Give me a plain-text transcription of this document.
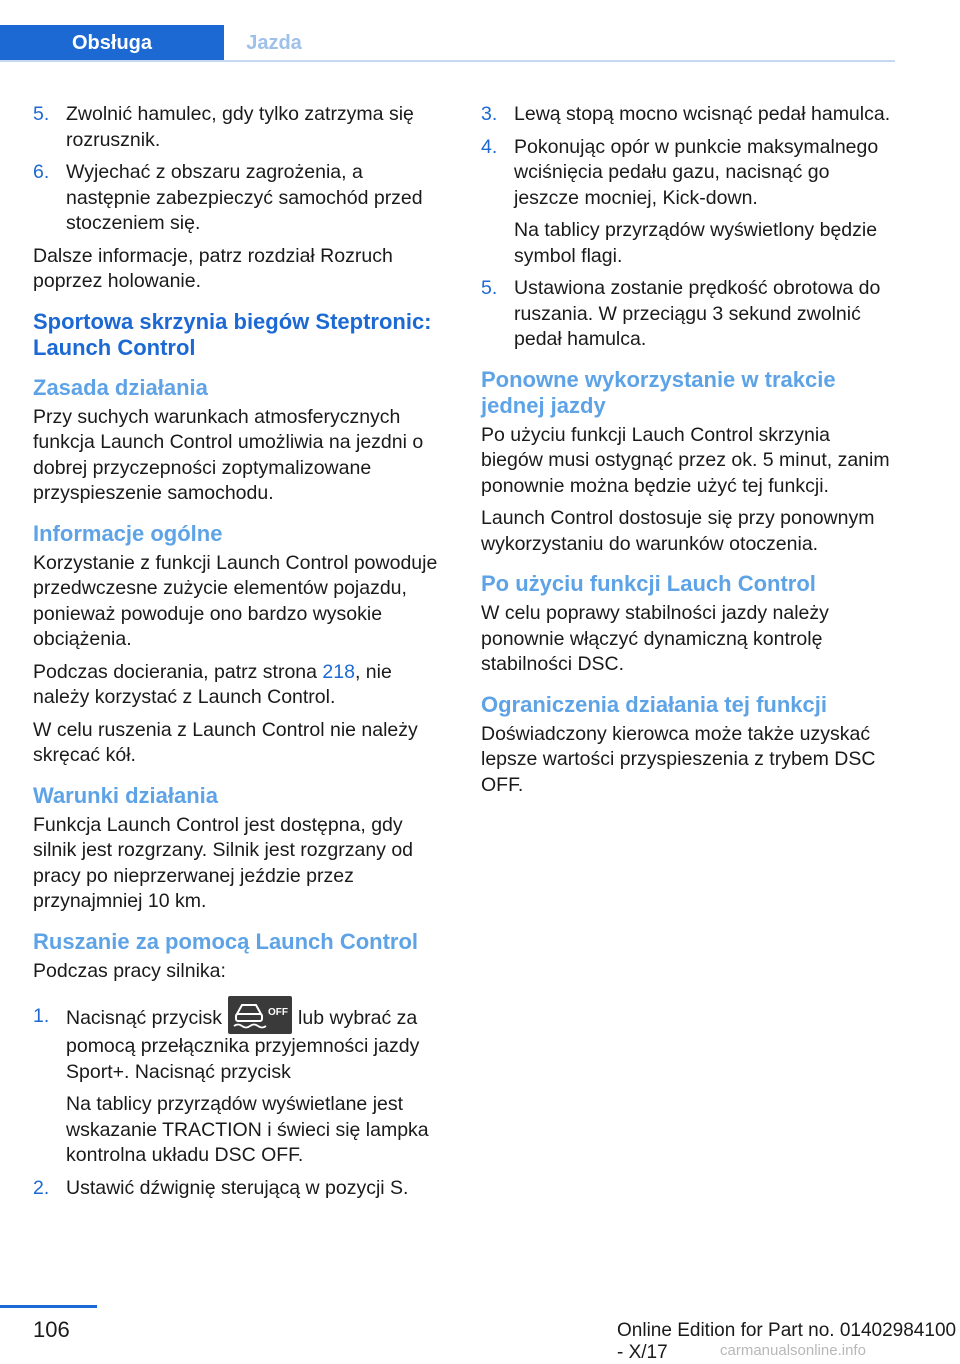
Obsługa	Jazda
5. Zwolnić hamulec, gdy tylko zatrzyma się rozrusznik.
6. Wyjechać z obszaru zagrożenia, a następnie zabezpieczyć samochód przed stoczeniem się.

Dalsze informacje, patrz rozdział Rozruch poprzez holowanie.

Sportowa skrzynia biegów Steptronic: Launch Control
Zasada działania

Przy suchych warunkach atmosferycznych funkcja Launch Control umożliwia na jezdni o dobrej przyczepności zoptymalizowane przyspieszenie samochodu.

Informacje ogólne

Korzystanie z funkcji Launch Control powoduje przedwczesne zużycie elementów pojazdu, ponieważ powoduje ono bardzo wysokie obciążenia.

Podczas docierania, patrz strona 218, nie należy korzystać z Launch Control.

W celu ruszenia z Launch Control nie należy skręcać kół.

Warunki działania

Funkcja Launch Control jest dostępna, gdy silnik jest rozgrzany. Silnik jest rozgrzany od pracy po nieprzerwanej jeździe przez przynajmniej 10 km.

Ruszanie za pomocą Launch Control

Podczas pracy silnika:

1. Nacisnąć przycisk	OFF lub wybrać za pomocą przełącznika przyjemności jazdy Sport+. Nacisnąć przycisk

Na tablicy przyrządów wyświetlane jest wskazanie TRACTION i świeci się lampka kontrolna układu DSC OFF.

2. Ustawić dźwignię sterującą w pozycji S.
3. Lewą stopą mocno wcisnąć pedał hamulca.
4. Pokonując opór w punkcie maksymalnego wciśnięcia pedału gazu, nacisnąć go jeszcze mocniej, Kick-down.

Na tablicy przyrządów wyświetlony będzie symbol flagi.

5. Ustawiona zostanie prędkość obrotowa do ruszania. W przeciągu 3 sekund zwolnić pedał hamulca.
Ponowne wykorzystanie w trakcie jednej jazdy

Po użyciu funkcji Lauch Control skrzynia biegów musi ostygnąć przez ok. 5 minut, zanim ponownie można będzie użyć tej funkcji.

Launch Control dostosuje się przy ponownym wykorzystaniu do warunków otoczenia.

Po użyciu funkcji Lauch Control

W celu poprawy stabilności jazdy należy ponownie włączyć dynamiczną kontrolę stabilności DSC.

Ograniczenia działania tej funkcji

Doświadczony kierowca może także uzyskać lepsze wartości przyspieszenia z trybem DSC OFF.

106	Online Edition for Part no. 01402984100 - X/17	carmanualsonline.info
